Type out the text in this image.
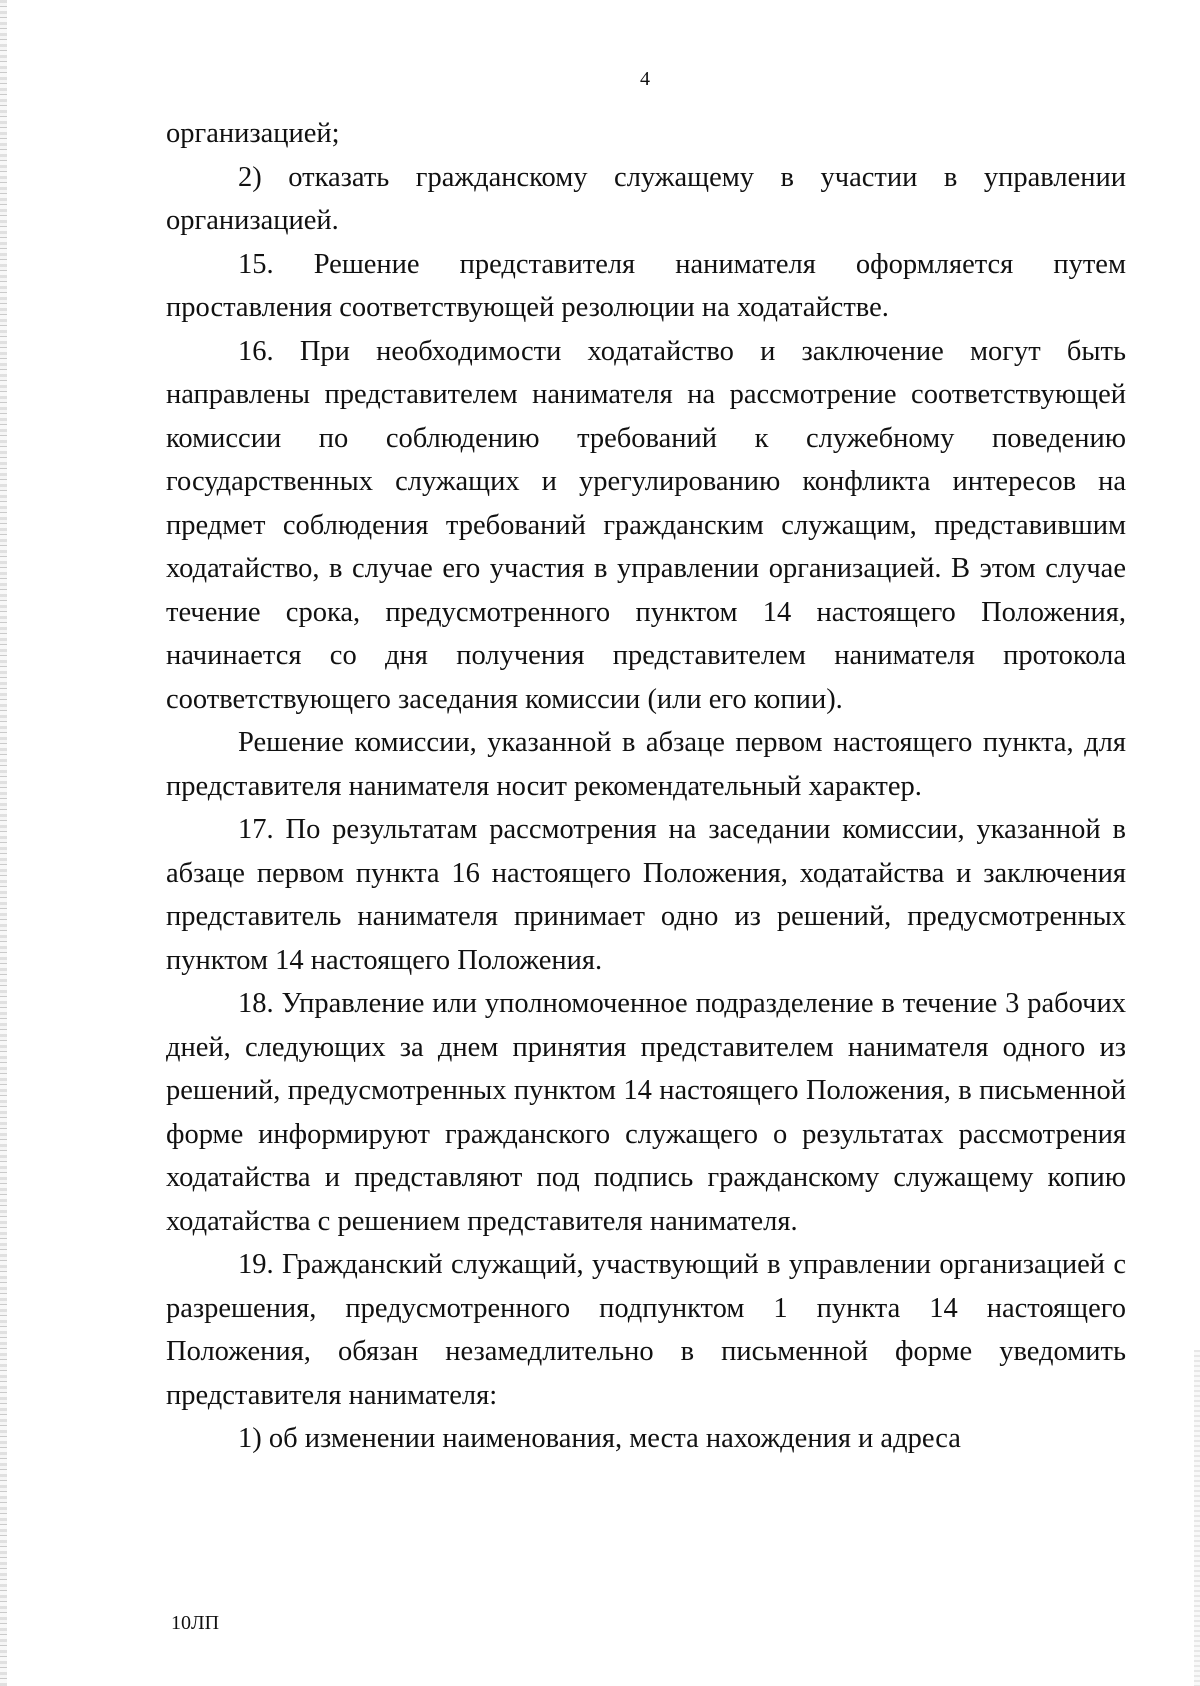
4

организацией;

2) отказать гражданскому служащему в участии в управлении организацией.

15. Решение представителя нанимателя оформляется путем проставления соответствующей резолюции на ходатайстве.

16. При необходимости ходатайство и заключение могут быть направлены представителем нанимателя на рассмотрение соответствующей комиссии по соблюдению требований к служебному поведению государственных служащих и урегулированию конфликта интересов на предмет соблюдения требований гражданским служащим, представившим ходатайство, в случае его участия в управлении организацией. В этом случае течение срока, предусмотренного пунктом 14 настоящего Положения, начинается со дня получения представителем нанимателя протокола соответствующего заседания комиссии (или его копии).

Решение комиссии, указанной в абзаце первом настоящего пункта, для представителя нанимателя носит рекомендательный характер.

17. По результатам рассмотрения на заседании комиссии, указанной в абзаце первом пункта 16 настоящего Положения, ходатайства и заключения представитель нанимателя принимает одно из решений, предусмотренных пунктом 14 настоящего Положения.

18. Управление или уполномоченное подразделение в течение 3 рабочих дней, следующих за днем принятия представителем нанимателя одного из решений, предусмотренных пунктом 14 настоящего Положения, в письменной форме информируют гражданского служащего о результатах рассмотрения ходатайства и представляют под подпись гражданскому служащему копию ходатайства с решением представителя нанимателя.

19. Гражданский служащий, участвующий в управлении организацией с разрешения, предусмотренного подпунктом 1 пункта 14 настоящего Положения, обязан незамедлительно в письменной форме уведомить представителя нанимателя:

1) об изменении наименования, места нахождения и адреса

10ЛП
